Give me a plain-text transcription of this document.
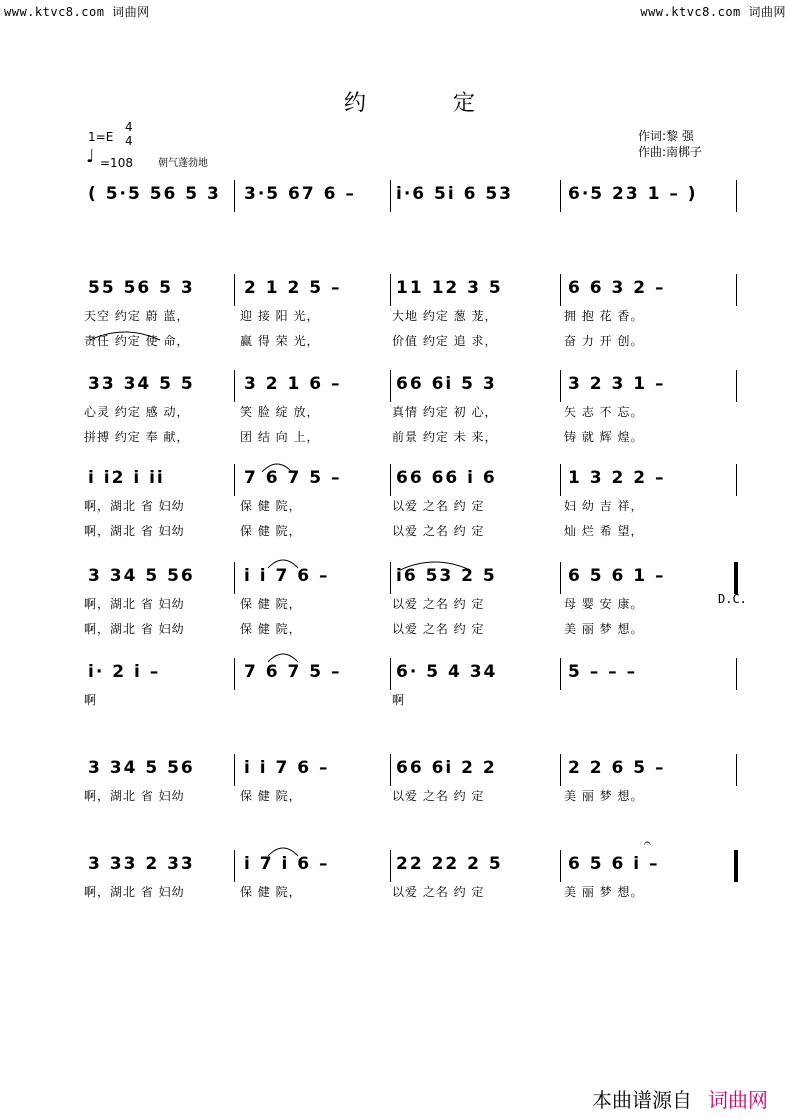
www.ktvc8.com 词曲网	www.ktvc8.com 词曲网
约 定
1=E
4
4
♩ =108	朝气蓬勃地
作词:黎 强
作曲:南梆子
( 5·5 56 5 3 3·5 67 6 – i·6 5i 6 53	6·5 23 1 – )
55 56 5 3	2 1 2 5 –	11 12 3 5	6 6 3 2 –
天空 约定 蔚 蓝，	迎 接 阳 光，	大地 约定 葱 茏，	拥 抱 花 香。
责任 约定 使 命，	赢 得 荣 光，	价值 约定 追 求，	奋 力 开 创。
33 34 5 5	3 2 1 6 –	66 6i 5 3	3 2 3 1 –
心灵 约定 感 动，	笑 脸 绽 放，	真情 约定 初 心，	矢 志 不 忘。
拼搏 约定 奉 献，	团 结 向 上，	前景 约定 未 来，	铸 就 辉 煌。
i i2 i ii	7 6 7 5 –	66 66 i 6	1 3 2 2 –
啊，湖北 省 妇幼	保 健 院，	以爱 之名 约 定	妇 幼 吉 祥，
啊，湖北 省 妇幼	保 健 院，	以爱 之名 约 定	灿 烂 希 望，
3 34 5 56	i i 7 6 –	i6 53 2 5	6 5 6 1 –
啊，湖北 省 妇幼	保 健 院，	以爱 之名 约 定	母 婴 安 康。
啊，湖北 省 妇幼	保 健 院，	以爱 之名 约 定	美 丽 梦 想。
i· 2 i –	7 6 7 5 –	6· 5 4 34	5 – – –
啊	啊
3 34 5 56	i i 7 6 –	66 6i 2 2	2 2 6 5 –
啊，湖北 省 妇幼	保 健 院，	以爱 之名 约 定	美 丽 梦 想。
3 33 2 33	i 7 i 6 –	22 22 2 5	6 5 6 i –
啊，湖北 省 妇幼	保 健 院，	以爱 之名 约 定	美 丽 梦 想。
D.C.
本曲谱源自 词曲网
𝄐
